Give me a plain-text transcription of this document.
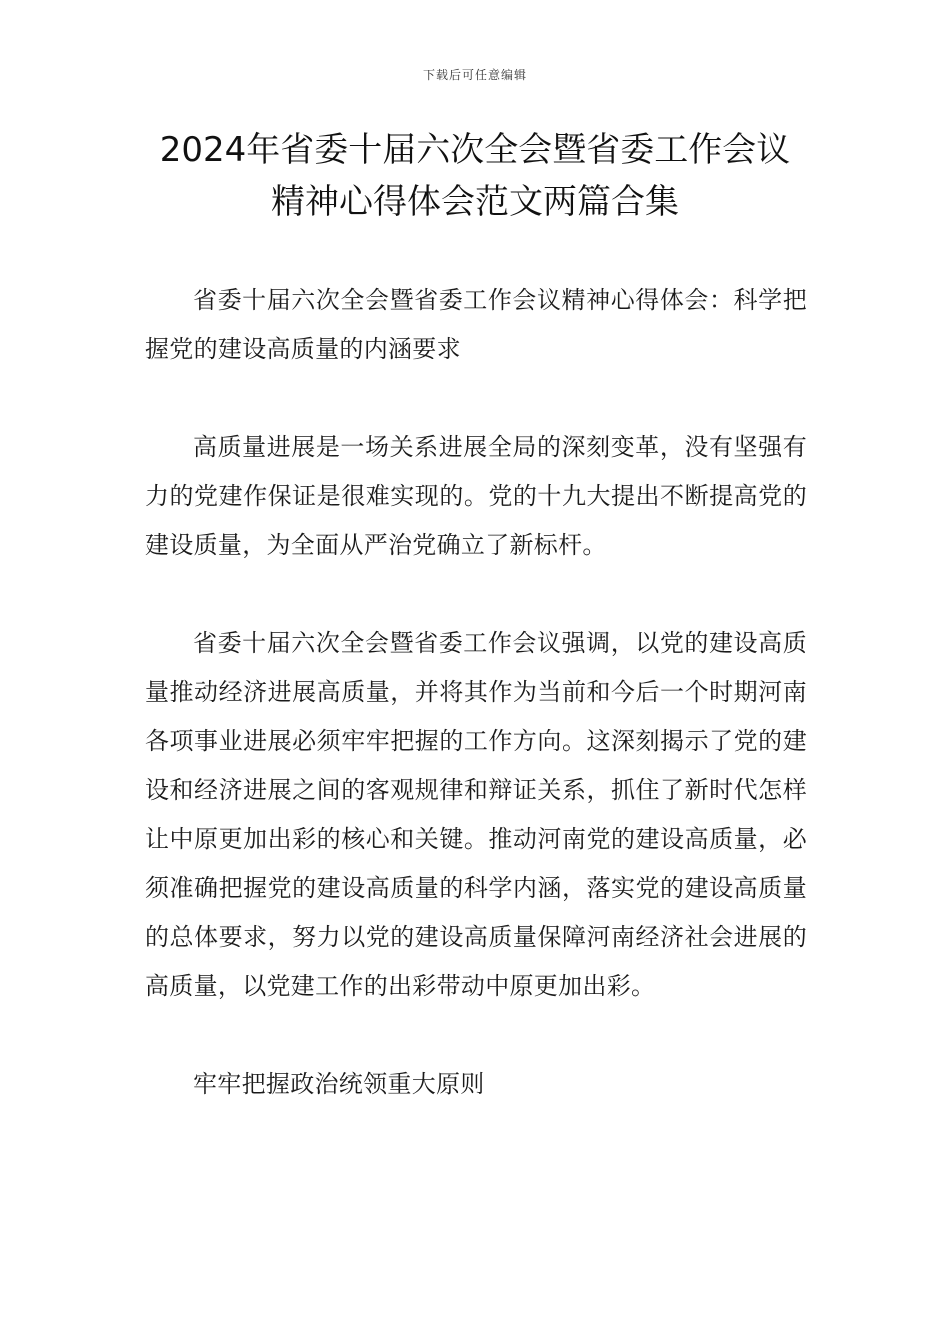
下载后可任意编辑
2024年省委十届六次全会暨省委工作会议
精神心得体会范文两篇合集

省委十届六次全会暨省委工作会议精神心得体会：科学把握党的建设高质量的内涵要求

高质量进展是一场关系进展全局的深刻变革，没有坚强有力的党建作保证是很难实现的。党的十九大提出不断提高党的建设质量，为全面从严治党确立了新标杆。

省委十届六次全会暨省委工作会议强调，以党的建设高质量推动经济进展高质量，并将其作为当前和今后一个时期河南各项事业进展必须牢牢把握的工作方向。这深刻揭示了党的建设和经济进展之间的客观规律和辩证关系，抓住了新时代怎样让中原更加出彩的核心和关键。推动河南党的建设高质量，必须准确把握党的建设高质量的科学内涵，落实党的建设高质量的总体要求，努力以党的建设高质量保障河南经济社会进展的高质量，以党建工作的出彩带动中原更加出彩。

牢牢把握政治统领重大原则
